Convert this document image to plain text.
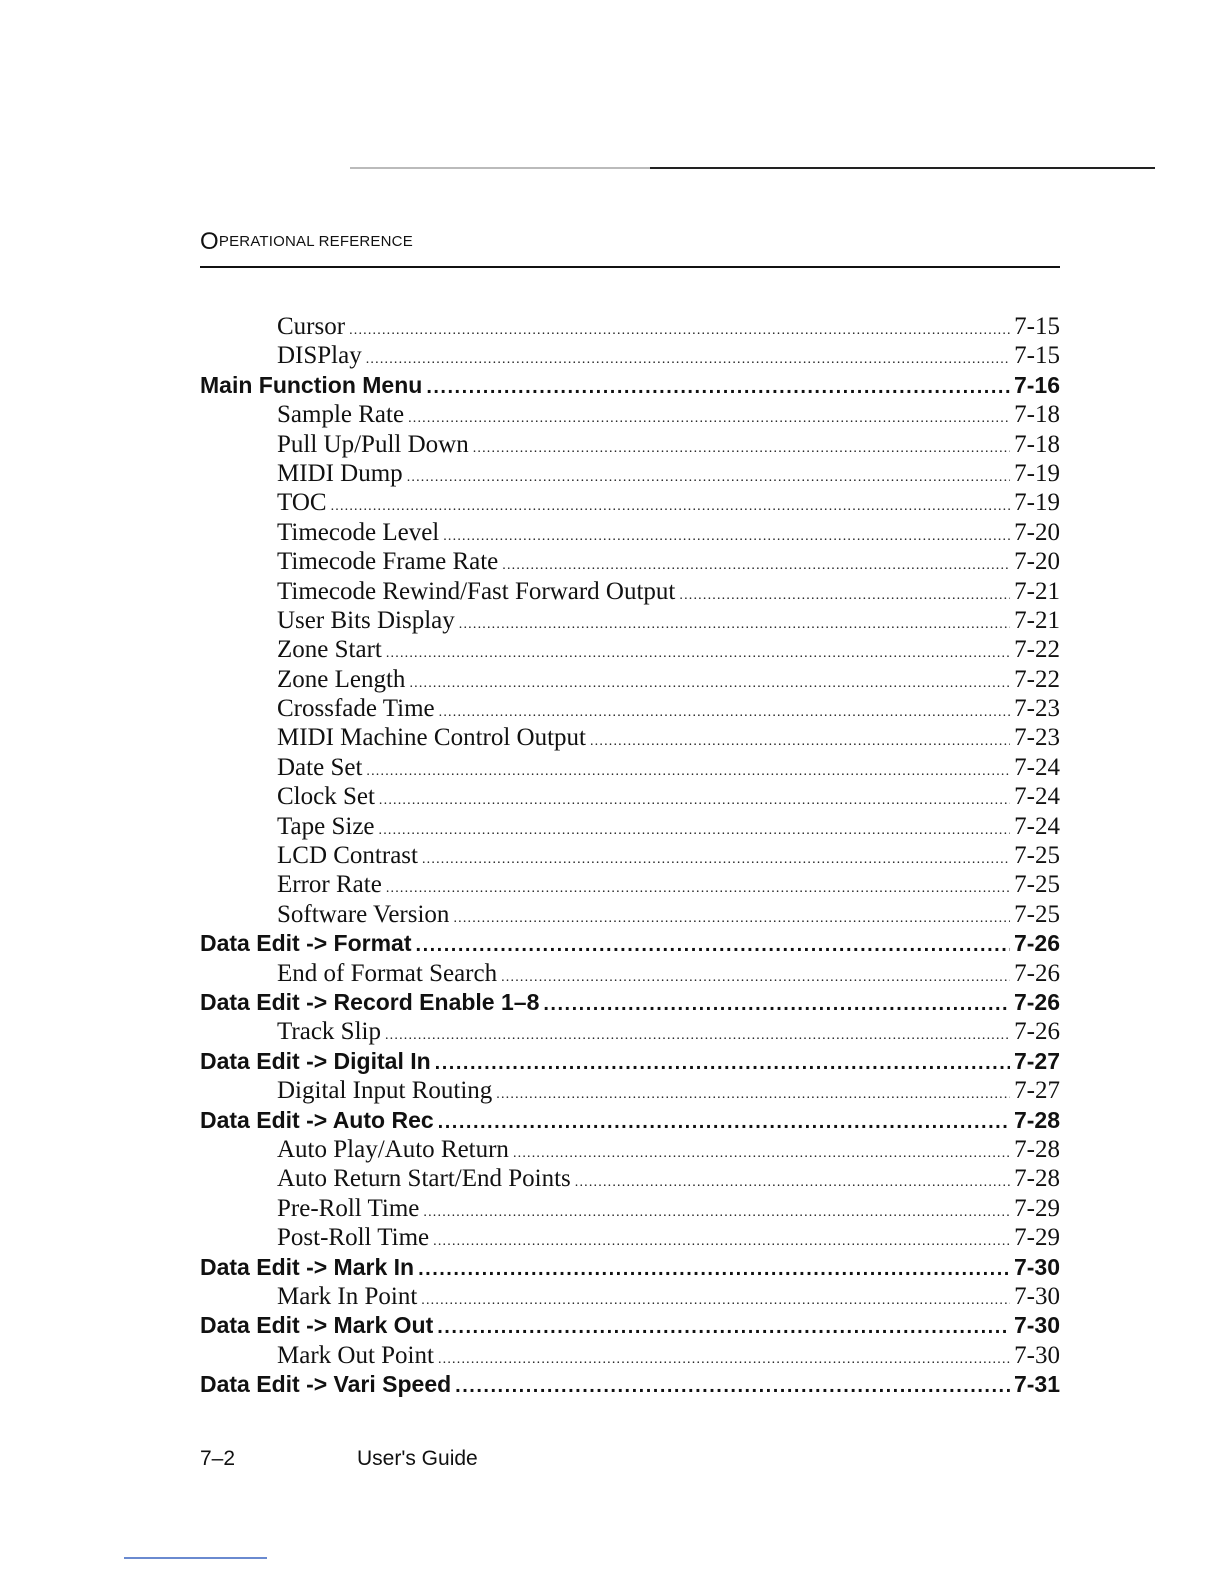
OPERATIONAL REFERENCE
Cursor .....	7-15
DISPlay .....	7-15
Main Function Menu .....	7-16
Sample Rate .....	7-18
Pull Up/Pull Down .....	7-18
MIDI Dump .....	7-19
TOC .....	7-19
Timecode Level .....	7-20
Timecode Frame Rate .....	7-20
Timecode Rewind/Fast Forward Output .....	7-21
User Bits Display .....	7-21
Zone Start .....	7-22
Zone Length .....	7-22
Crossfade Time .....	7-23
MIDI Machine Control Output .....	7-23
Date Set .....	7-24
Clock Set .....	7-24
Tape Size .....	7-24
LCD Contrast .....	7-25
Error Rate .....	7-25
Software Version .....	7-25
Data Edit -> Format .....	7-26
End of Format Search .....	7-26
Data Edit -> Record Enable 1–8 .....	7-26
Track Slip .....	7-26
Data Edit -> Digital In .....	7-27
Digital Input Routing .....	7-27
Data Edit -> Auto Rec .....	7-28
Auto Play/Auto Return .....	7-28
Auto Return Start/End Points .....	7-28
Pre-Roll Time .....	7-29
Post-Roll Time .....	7-29
Data Edit -> Mark In .....	7-30
Mark In Point .....	7-30
Data Edit -> Mark Out .....	7-30
Mark Out Point .....	7-30
Data Edit -> Vari Speed .....	7-31
7–2	User's Guide
